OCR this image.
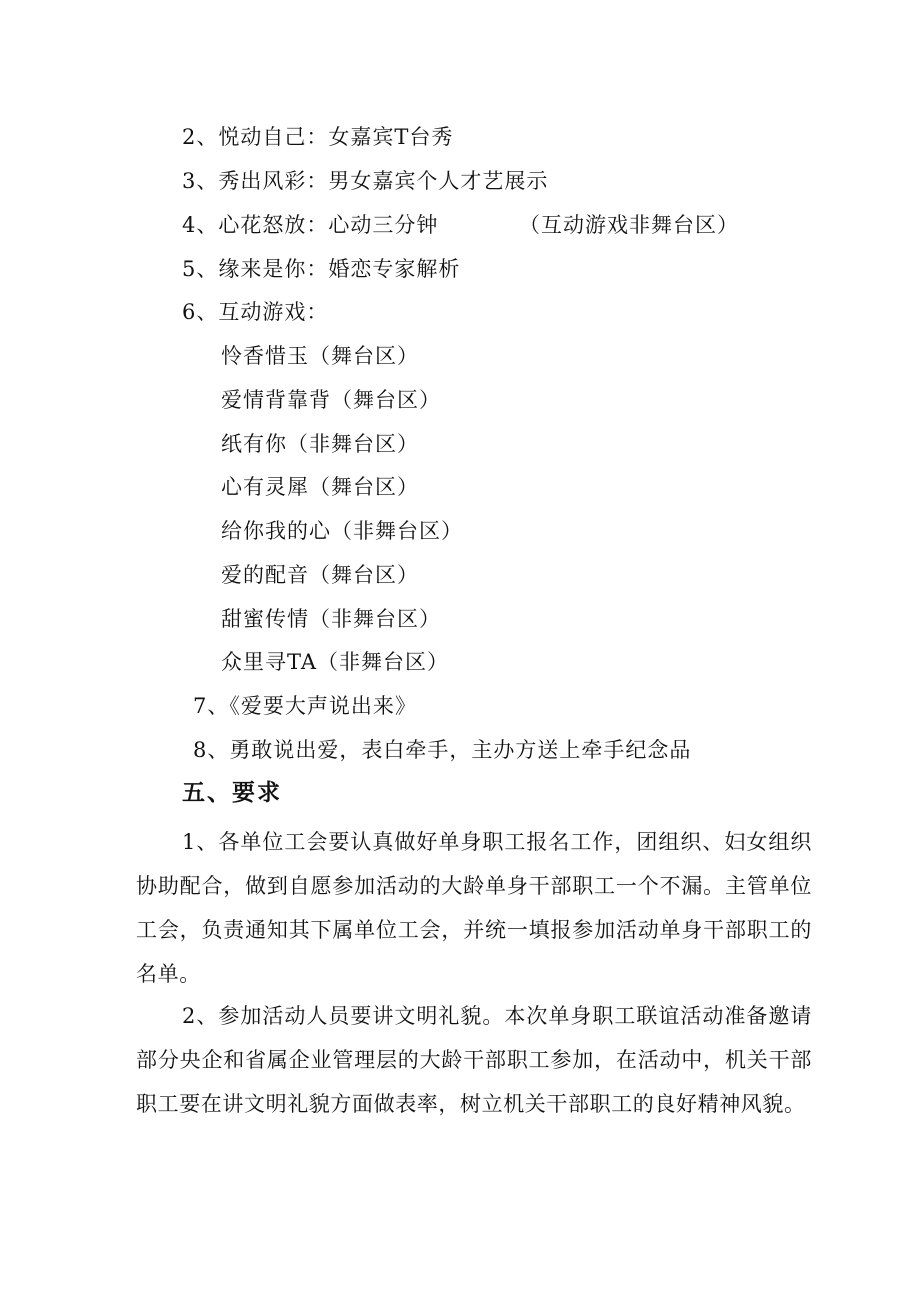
2、悦动自己：女嘉宾T台秀
3、秀出风彩：男女嘉宾个人才艺展示
4、心花怒放：心动三分钟	（互动游戏非舞台区）
5、缘来是你：婚恋专家解析
6、互动游戏：
怜香惜玉（舞台区）
爱情背靠背（舞台区）
纸有你（非舞台区）
心有灵犀（舞台区）
给你我的心（非舞台区）
爱的配音（舞台区）
甜蜜传情（非舞台区）
众里寻TA（非舞台区）
7、《爱要大声说出来》
8、勇敢说出爱，表白牵手，主办方送上牵手纪念品
五、要求
1、各单位工会要认真做好单身职工报名工作，团组织、妇女组织协助配合，做到自愿参加活动的大龄单身干部职工一个不漏。主管单位工会，负责通知其下属单位工会，并统一填报参加活动单身干部职工的名单。
2、参加活动人员要讲文明礼貌。本次单身职工联谊活动准备邀请部分央企和省属企业管理层的大龄干部职工参加，在活动中，机关干部职工要在讲文明礼貌方面做表率，树立机关干部职工的良好精神风貌。
